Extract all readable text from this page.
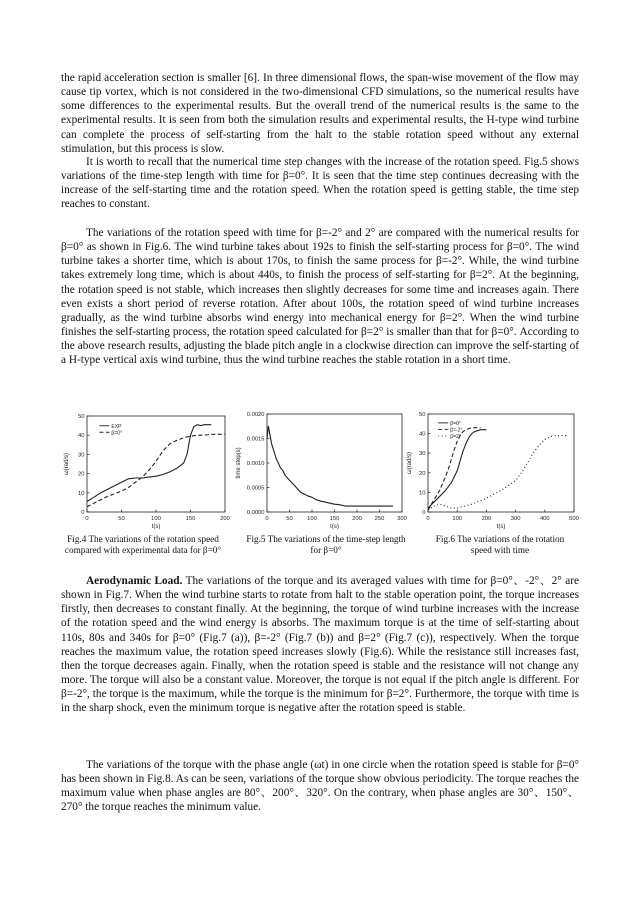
the rapid acceleration section is smaller [6]. In three dimensional flows, the span-wise movement of the flow may cause tip vortex, which is not considered in the two-dimensional CFD simulations, so the numerical results have some differences to the experimental results. But the overall trend of the numerical results is the same to the experimental results. It is seen from both the simulation results and experimental results, the H-type wind turbine can complete the process of self-starting from the halt to the stable rotation speed without any external stimulation, but this process is slow.

It is worth to recall that the numerical time step changes with the increase of the rotation speed. Fig.5 shows variations of the time-step length with time for β=0°. It is seen that the time step continues decreasing with the increase of the self-starting time and the rotation speed. When the rotation speed is getting stable, the time step reaches to constant.

The variations of the rotation speed with time for β=-2° and 2° are compared with the numerical results for β=0° as shown in Fig.6. The wind turbine takes about 192s to finish the self-starting process for β=0°. The wind turbine takes a shorter time, which is about 170s, to finish the same process for β=-2°. While, the wind turbine takes extremely long time, which is about 440s, to finish the process of self-starting for β=2°. At the beginning, the rotation speed is not stable, which increases then slightly decreases for some time and increases again. There even exists a short period of reverse rotation. After about 100s, the rotation speed of wind turbine increases gradually, as the wind turbine absorbs wind energy into mechanical energy for β=2°. When the wind turbine finishes the self-starting process, the rotation speed calculated for β=2° is smaller than that for β=0°. According to the above research results, adjusting the blade pitch angle in a clockwise direction can improve the self-starting of a H-type vertical axis wind turbine, thus the wind turbine reaches the stable rotation in a short time.

0	50	100	150	200
0
10
20
30
40
50
t(s)
ω(rad/s)
EXP
β=0°
0	50 100 150 200 250 300
0.0000
0.0005
0.0010
0.0015
0.0020
t(s)
time step(s)
0	100	200	300	400	500
0
10
20
30
40
50
t(s)
ω(rad/s)
β=0°
β=-2°
β=2°
Fig.4 The variations of the rotation speed compared with experimental data for β=0°
Fig.5 The variations of the time-step length for β=0°
Fig.6 The variations of the rotation speed with time

Aerodynamic Load. The variations of the torque and its averaged values with time for β=0°、-2°、2° are shown in Fig.7. When the wind turbine starts to rotate from halt to the stable operation point, the torque increases firstly, then decreases to constant finally. At the beginning, the torque of wind turbine increases with the increase of the rotation speed and the wind energy is absorbs. The maximum torque is at the time of self-starting about 110s, 80s and 340s for β=0° (Fig.7 (a)), β=-2° (Fig.7 (b)) and β=2° (Fig.7 (c)), respectively. When the torque reaches the maximum value, the rotation speed increases slowly (Fig.6). While the resistance still increases fast, then the torque decreases again. Finally, when the rotation speed is stable and the resistance will not change any more. The torque will also be a constant value. Moreover, the torque is not equal if the pitch angle is different. For β=-2°, the torque is the maximum, while the torque is the minimum for β=2°. Furthermore, the torque with time is in the sharp shock, even the minimum torque is negative after the rotation speed is stable.

The variations of the torque with the phase angle (ωt) in one circle when the rotation speed is stable for β=0° has been shown in Fig.8. As can be seen, variations of the torque show obvious periodicity. The torque reaches the maximum value when phase angles are 80°、200°、320°. On the contrary, when phase angles are 30°、150°、270° the torque reaches the minimum value.
